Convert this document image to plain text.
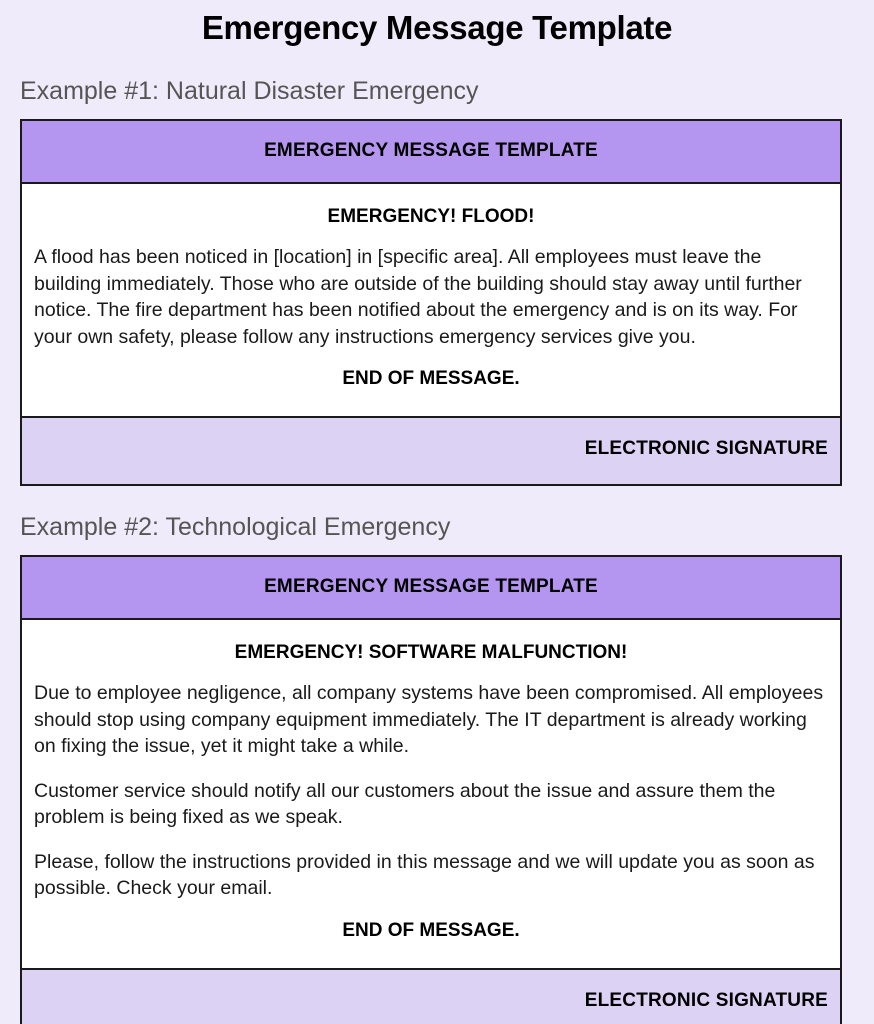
Emergency Message Template
Example #1: Natural Disaster Emergency
EMERGENCY MESSAGE TEMPLATE

EMERGENCY! FLOOD!

A flood has been noticed in [location] in [specific area]. All employees must leave the building immediately. Those who are outside of the building should stay away until further notice. The fire department has been notified about the emergency and is on its way. For your own safety, please follow any instructions emergency services give you.

END OF MESSAGE.

ELECTRONIC SIGNATURE
Example #2: Technological Emergency
EMERGENCY MESSAGE TEMPLATE

EMERGENCY! SOFTWARE MALFUNCTION!

Due to employee negligence, all company systems have been compromised. All employees should stop using company equipment immediately. The IT department is already working on fixing the issue, yet it might take a while.

Customer service should notify all our customers about the issue and assure them the problem is being fixed as we speak.

Please, follow the instructions provided in this message and we will update you as soon as possible. Check your email.

END OF MESSAGE.

ELECTRONIC SIGNATURE
